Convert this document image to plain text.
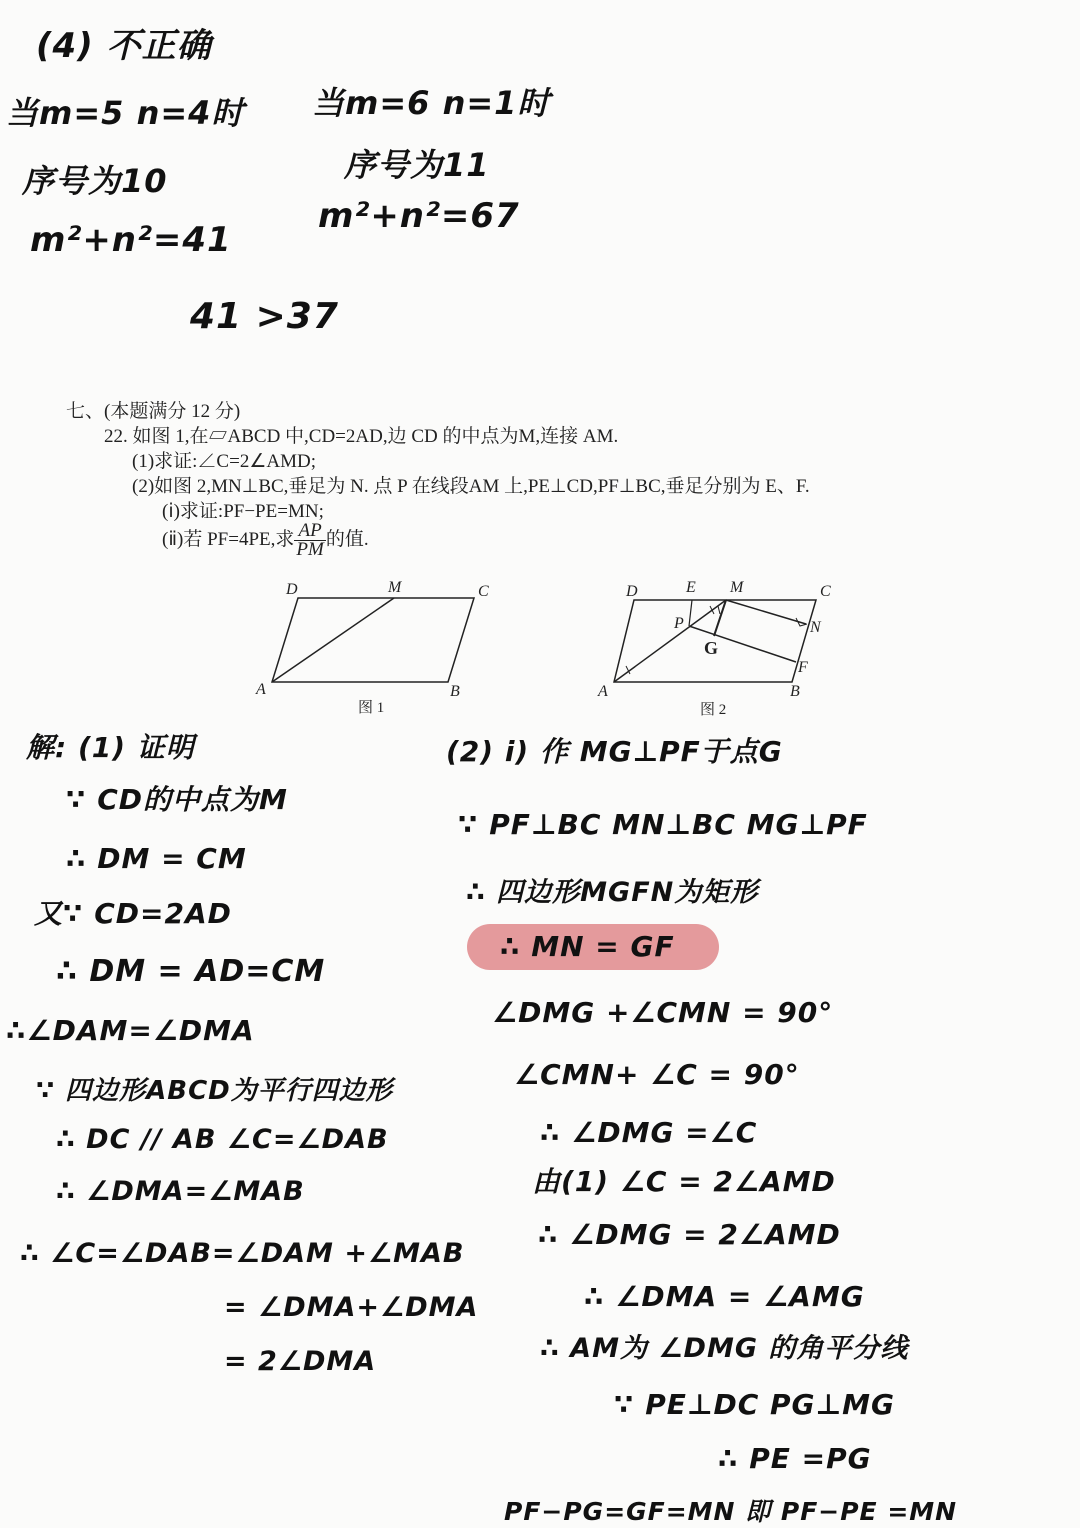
(4) 不正确
当m=5 n=4时
序号为10
m²+n²=41
当m=6 n=1时
序号为11
m²+n²=67
41 >37
七、(本题满分 12 分)
22. 如图 1,在▱ABCD 中,CD=2AD,边 CD 的中点为M,连接 AM.
(1)求证:∠C=2∠AMD;
(2)如图 2,MN⊥BC,垂足为 N. 点 P 在线段AM 上,PE⊥CD,PF⊥BC,垂足分别为 E、F.
(ⅰ)求证:PF−PE=MN;
(ⅱ)若 PF=4PE,求 $\frac{AP}{PM}$ 的值.
D	M	C
A	B
图 1
D	E M	C
P	N
G
F
A	B
图 2
解: (1) 证明
∵ CD的中点为M
∴ DM = CM
又∵ CD=2AD
∴ DM = AD=CM
∴∠DAM=∠DMA
∵ 四边形ABCD为平行四边形
∴ DC // AB ∠C=∠DAB
∴ ∠DMA=∠MAB
∴ ∠C=∠DAB=∠DAM +∠MAB
= ∠DMA+∠DMA
= 2∠DMA
(2) ⅰ) 作 MG⊥PF于点G
∵ PF⊥BC MN⊥BC MG⊥PF
∴ 四边形MGFN为矩形
∴ MN = GF
∠DMG +∠CMN = 90°
∠CMN+ ∠C = 90°
∴ ∠DMG =∠C
由(1) ∠C = 2∠AMD
∴ ∠DMG = 2∠AMD
∴ ∠DMA = ∠AMG
∴ AM为 ∠DMG 的角平分线
∵ PE⊥DC PG⊥MG
∴ PE =PG
PF−PG=GF=MN 即 PF−PE =MN
